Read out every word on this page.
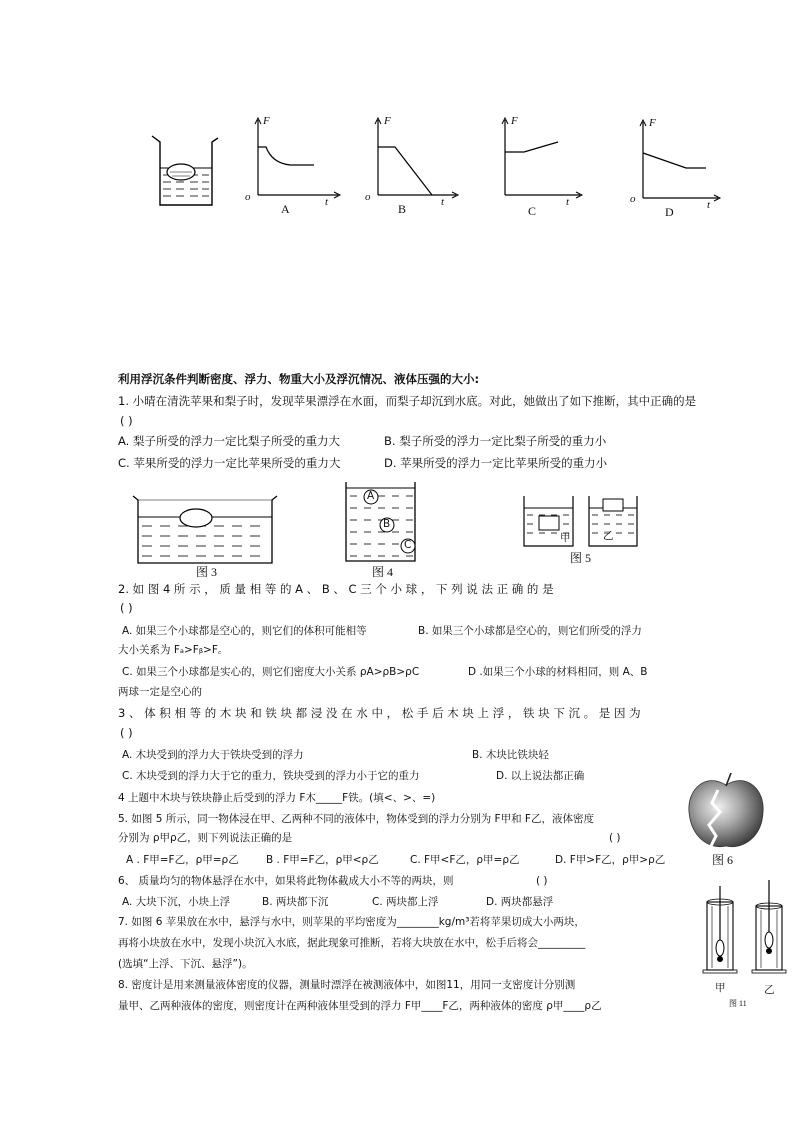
F
o	t
A
F
o	t
B
F
t
C
F
o	t
D
利用浮沉条件判断密度、浮力、物重大小及浮沉情况、液体压强的大小:
1. 小晴在清洗苹果和梨子时，发现苹果漂浮在水面，而梨子却沉到水底。对此，她做出了如下推断，其中正确的是
( )
A. 梨子所受的浮力一定比梨子所受的重力大	B. 梨子所受的浮力一定比梨子所受的重力小
C. 苹果所受的浮力一定比苹果所受的重力大	D. 苹果所受的浮力一定比苹果所受的重力小
图 3
A
B
C
图 4
甲	乙
图 5
2. 如 图 4 所 示 ， 质 量 相 等 的 A 、 B 、 C 三 个 小 球 ， 下 列 说 法 正 确 的 是
( )
A. 如果三个小球都是空心的，则它们的体积可能相等	B. 如果三个小球都是空心的，则它们所受的浮力
大小关系为 Fₐ>Fᵦ>F꜀
C. 如果三个小球都是实心的，则它们密度大小关系 ρA>ρB>ρC	D .如果三个小球的材料相同，则 A、B
两球一定是空心的
3 、 体 积 相 等 的 木 块 和 铁 块 都 浸 没 在 水 中 ， 松 手 后 木 块 上 浮 ， 铁 块 下 沉 。 是 因 为
( )
A. 木块受到的浮力大于铁块受到的浮力	B. 木块比铁块轻
C. 木块受到的浮力大于它的重力，铁块受到的浮力小于它的重力	D. 以上说法都正确
4 上题中木块与铁块静止后受到的浮力 F木_____F铁。(填<、>、=)
5. 如图 5 所示，同一物体浸在甲、乙两种不同的液体中，物体受到的浮力分别为 F甲和 F乙，液体密度
分别为 ρ甲ρ乙，则下列说法正确的是	( )
A . F甲=F乙，ρ甲=ρ乙	B . F甲=F乙，ρ甲<ρ乙	C. F甲<F乙，ρ甲=ρ乙	D. F甲>F乙，ρ甲>ρ乙
6、 质量均匀的物体悬浮在水中，如果将此物体截成大小不等的两块，则	( )
A. 大块下沉，小块上浮	B. 两块都下沉	C. 两块都上浮	D. 两块都悬浮
7. 如图 6 苹果放在水中，悬浮与水中，则苹果的平均密度为________kg/m³若将苹果切成大小两块，
再将小块放在水中，发现小块沉入水底，据此现象可推断，若将大块放在水中，松手后将会_________
(选填“上浮、下沉、悬浮”)。
8. 密度计是用来测量液体密度的仪器，测量时漂浮在被测液体中，如图11，用同一支密度计分别测
量甲、乙两种液体的密度，则密度计在两种液体里受到的浮力 F甲____F乙，两种液体的密度 ρ甲____ρ乙
图 6
甲	乙
图 11
